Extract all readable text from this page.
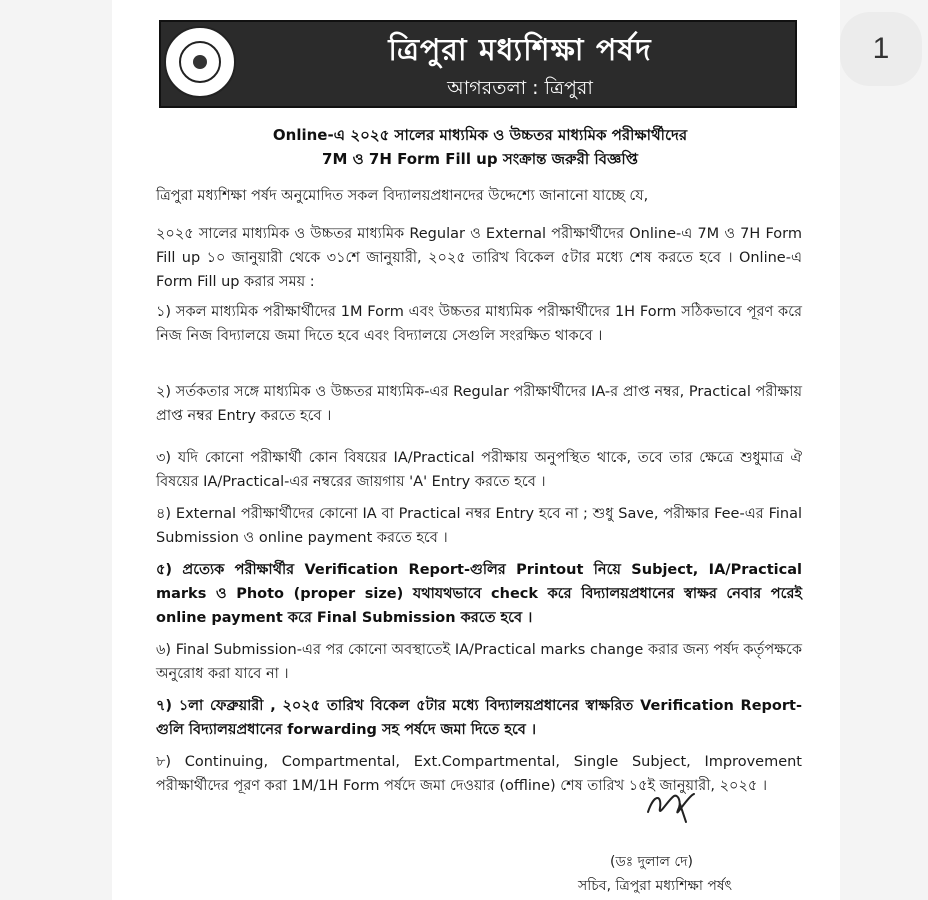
1
ত্রিপুরা মধ্যশিক্ষা পর্ষদ
আগরতলা : ত্রিপুরা
Online-এ ২০২৫ সালের মাধ্যমিক ও উচ্চতর মাধ্যমিক পরীক্ষার্থীদের
7M ও 7H Form Fill up সংক্রান্ত জরুরী বিজ্ঞপ্তি
ত্রিপুরা মধ্যশিক্ষা পর্ষদ অনুমোদিত সকল বিদ্যালয়প্রধানদের উদ্দেশ্যে জানানো যাচ্ছে যে,
২০২৫ সালের মাধ্যমিক ও উচ্চতর মাধ্যমিক Regular ও External পরীক্ষার্থীদের Online-এ 7M ও 7H Form Fill up ১০ জানুয়ারী থেকে ৩১শে জানুয়ারী, ২০২৫ তারিখ বিকেল ৫টার মধ্যে শেষ করতে হবে । Online-এ Form Fill up করার সময় :
১) সকল মাধ্যমিক পরীক্ষার্থীদের 1M Form এবং উচ্চতর মাধ্যমিক পরীক্ষার্থীদের 1H Form সঠিকভাবে পূরণ করে নিজ নিজ বিদ্যালয়ে জমা দিতে হবে এবং বিদ্যালয়ে সেগুলি সংরক্ষিত থাকবে ।
২) সর্তকতার সঙ্গে মাধ্যমিক ও উচ্চতর মাধ্যমিক-এর Regular পরীক্ষার্থীদের IA-র প্রাপ্ত নম্বর, Practical পরীক্ষায় প্রাপ্ত নম্বর Entry করতে হবে ।
৩) যদি কোনো পরীক্ষার্থী কোন বিষয়ের IA/Practical পরীক্ষায় অনুপস্থিত থাকে, তবে তার ক্ষেত্রে শুধুমাত্র ঐ বিষয়ের IA/Practical-এর নম্বরের জায়গায় 'A' Entry করতে হবে ।
৪) External পরীক্ষার্থীদের কোনো IA বা Practical নম্বর Entry হবে না ; শুধু Save, পরীক্ষার Fee-এর Final Submission ও online payment করতে হবে ।
৫) প্রত্যেক পরীক্ষার্থীর Verification Report-গুলির Printout নিয়ে Subject, IA/Practical marks ও Photo (proper size) যথাযথভাবে check করে বিদ্যালয়প্রধানের স্বাক্ষর নেবার পরেই online payment করে Final Submission করতে হবে ।
৬) Final Submission-এর পর কোনো অবস্থাতেই IA/Practical marks change করার জন্য পর্ষদ কর্তৃপক্ষকে অনুরোধ করা যাবে না ।
৭) ১লা ফেব্রুয়ারী , ২০২৫ তারিখ বিকেল ৫টার মধ্যে বিদ্যালয়প্রধানের স্বাক্ষরিত Verification Report-গুলি বিদ্যালয়প্রধানের forwarding সহ পর্ষদে জমা দিতে হবে ।
৮) Continuing, Compartmental, Ext.Compartmental, Single Subject, Improvement পরীক্ষার্থীদের পূরণ করা 1M/1H Form পর্ষদে জমা দেওয়ার (offline) শেষ তারিখ ১৫ই জানুয়ারী, ২০২৫ ।
(ডঃ দুলাল দে)
সচিব, ত্রিপুরা মধ্যশিক্ষা পর্ষৎ
